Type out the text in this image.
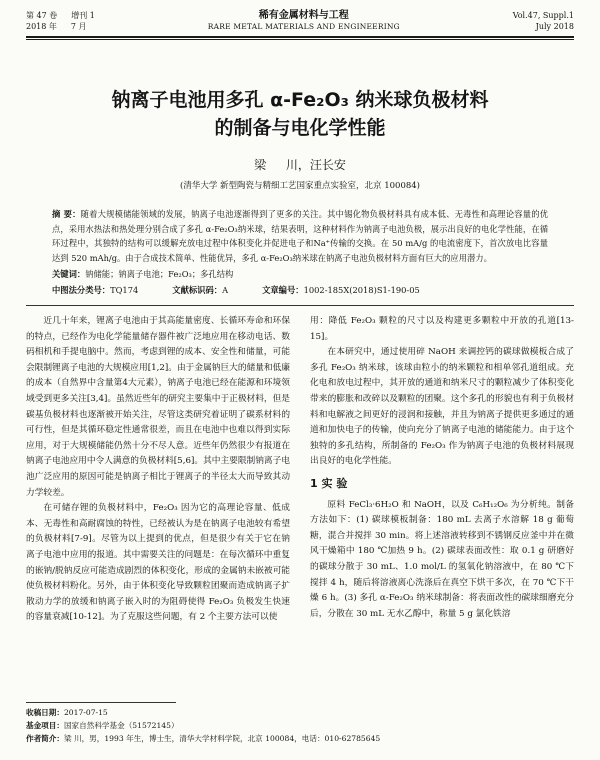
第 47 卷 增刊 1
2018 年 7 月
稀有金属材料与工程
RARE METAL MATERIALS AND ENGINEERING
Vol.47, Suppl.1
July 2018
钠离子电池用多孔 α-Fe₂O₃ 纳米球负极材料
的制备与电化学性能
梁 川，汪长安
(清华大学 新型陶瓷与精细工艺国家重点实验室，北京 100084)
摘 要：随着大规模储能领域的发展，钠离子电池逐渐得到了更多的关注。其中锡化物负极材料具有成本低、无毒性和高理论容量的优点，采用水热法和热处理分别合成了多孔 α-Fe₂O₃纳米球，结果表明，这种材料作为钠离子电池负极，展示出良好的电化学性能，在循环过程中，其独特的结构可以缓解充放电过程中体积变化并促进电子和Na⁺传输的交换。在 50 mA/g 的电流密度下，首次放电比容量达到 520 mAh/g。由于合成技术简单、性能优异，多孔 α-Fe₂O₃纳米球在钠离子电池负极材料方面有巨大的应用潜力。
关键词：钠储能；钠离子电池；Fe₂O₃；多孔结构
中图法分类号：TQ174	文献标识码：A	文章编号：1002-185X(2018)S1-190-05

近几十年来，锂离子电池由于其高能量密度、长循环寿命和环保的特点，已经作为电化学能量储存器件被广泛地应用在移动电话、数码相机和手提电脑中。然而，考虑到锂的成本、安全性和储量，可能会限制锂离子电池的大规模应用[1,2]。由于金属钠巨大的储量和低廉的成本（自然界中含量第4大元素），钠离子电池已经在能源和环境领域受到更多关注[3,4]。虽然近些年的研究主要集中于正极材料，但是碳基负极材料也逐渐被开始关注，尽管这类研究着证明了碳系材料的可行性，但是其循环稳定性通常很差，而且在电池中也难以得到实际应用，对于大规模储能仍然十分不尽人意。近些年仍然很少有报道在钠离子电池应用中令人满意的负极材料[5,6]。其中主要限制钠离子电池广泛应用的原因可能是钠离子相比于锂离子的半径太大而导致其动力学较差。

在可储存锂的负极材料中，Fe₂O₃ 因为它的高理论容量、低成本、无毒性和高耐腐蚀的特性，已经被认为是在钠离子电池较有希望的负极材料[7-9]。尽管为以上提到的优点，但是很少有关于它在钠离子电池中应用的报道。其中需要关注的问题是：在每次循环中重复的嵌钠/脱钠反应可能造成剧烈的体积变化，形成的金属钠未嵌被可能使负极材料粉化。另外，由于体积变化导致颗粒团聚而造成钠离子扩散动力学的放缓和钠离子嵌入时的为阻碍使得 Fe₂O₃ 负极发生快速的容量衰减[10-12]。为了克服这些问题，有 2 个主要方法可以使

用：降低 Fe₂O₃ 颗粒的尺寸以及构建更多颗粒中开放的孔道[13-15]。

在本研究中，通过使用碎 NaOH 来调控钙的碳球做模板合成了多孔 Fe₂O₃ 纳米球，该球由粒小的纳米颗粒和相单邻孔道组成。充化电和放电过程中，其开放的通道和纳米尺寸的颗粒减少了体积变化带来的膨胀和改碎以及颗粒的团聚。这个多孔的形貌也有利于负极材料和电解液之间更好的浸润和接触，并且为钠离子提供更多通过的通道和加快电子的传输，使向充分了钠离子电池的储能能力。由于这个独特的多孔结构，所制备的 Fe₂O₃ 作为钠离子电池的负极材料展现出良好的电化学性能。

1 实 验

原料 FeCl₃·6H₂O 和 NaOH，以及 C₆H₁₂O₆ 为分析纯。制备方法如下：(1) 碳球模板制备：180 mL 去离子水溶解 18 g 葡萄糖，混合并搅拌 30 min。将上述溶液转移到不锈钢反应釜中并在微风干燥箱中 180 ℃加热 9 h。(2) 碳球表面改性：取 0.1 g 研磨好的碳球分散于 30 mL、1.0 mol/L 的氢氧化钠溶液中，在 80 ℃下搅拌 4 h，随后将溶液离心洗涤后在真空下烘干多次，在 70 ℃下干燥 6 h。(3) 多孔 α-Fe₂O₃ 纳米球制备：将表面改性的碳球细磨充分后，分散在 30 mL 无水乙醇中，称量 5 g 氯化铁溶

收稿日期：2017-07-15
基金项目：国家自然科学基金（51572145）
作者简介：梁 川，男，1993 年生，博士生，清华大学材料学院，北京 100084，电话：010-62785645
